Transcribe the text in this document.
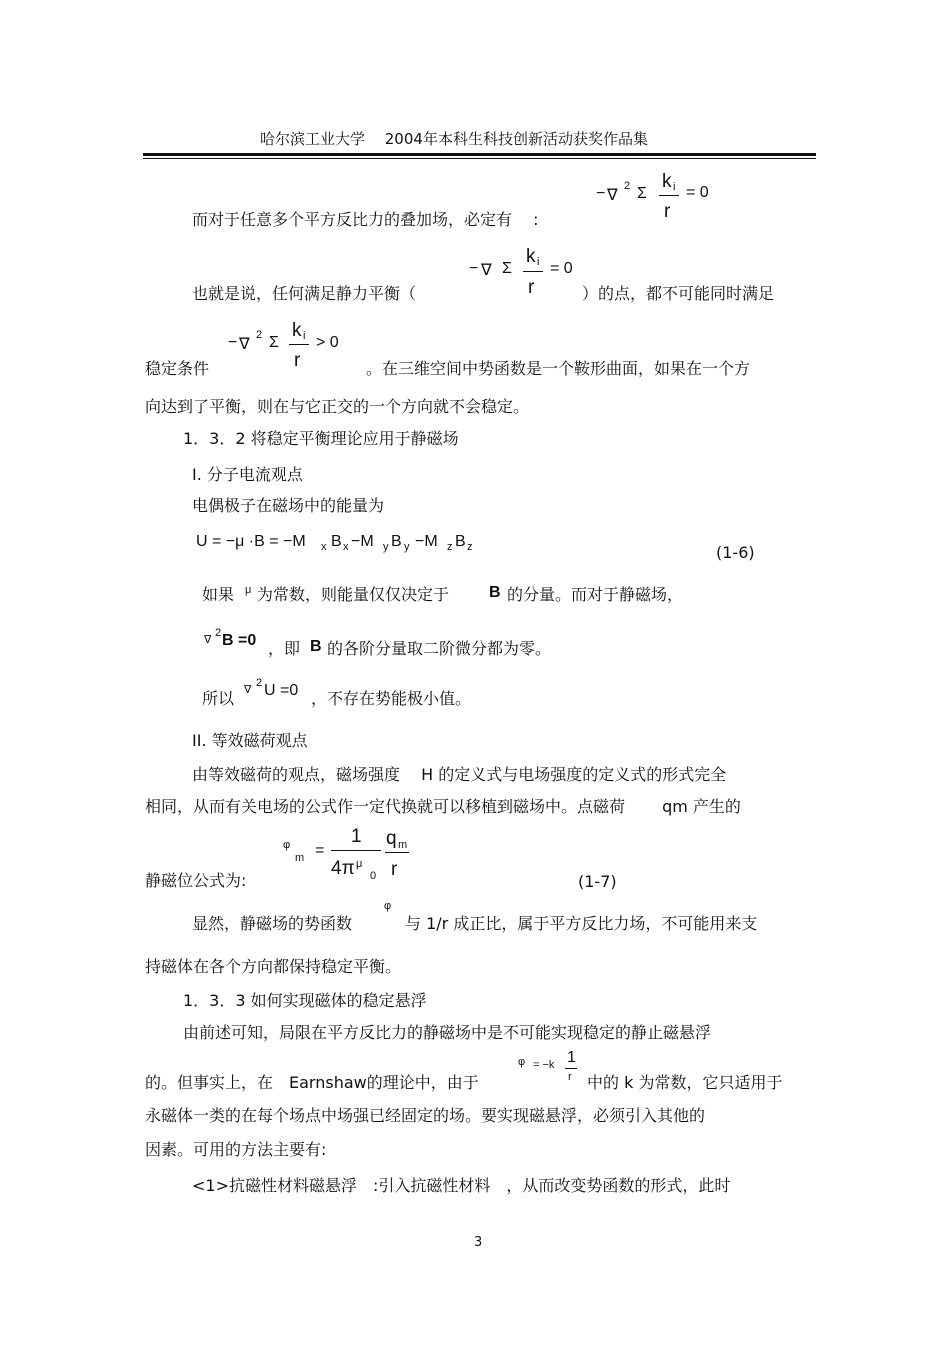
哈尔滨工业大学　 2004年本科生科技创新活动获奖作品集
− ∇
2 Σ
k i
r
= 0
而对于任意多个平方反比力的叠加场，必定有　 :
− ∇ Σ
k i
r
= 0
也就是说，任何满足静力平衡（	）的点，都不可能同时满足
− ∇
2 Σ
k i
r
> 0
稳定条件	。在三维空间中势函数是一个鞍形曲面，如果在一个方
向达到了平衡，则在与它正交的一个方向就不会稳定。
1．3．2 将稳定平衡理论应用于静磁场
I. 分子电流观点
电偶极子在磁场中的能量为
U = −μ ·B = −M x B x −M y B y −M z B z	(1-6)
如果 μ 为常数，则能量仅仅决定于 B 的分量。而对于静磁场，
∇
2 B =0 ，即 B 的各阶分量取二阶微分都为零。
所以 ∇
2 U =0 ，不存在势能极小值。
II. 等效磁荷观点
由等效磁荷的观点，磁场强度　 H 的定义式与电场强度的定义式的形式完全
相同，从而有关电场的公式作一定代换就可以移植到磁场中。点磁荷　　 qm 产生的
φ
m =
1
4π μ
0
q m
r
静磁位公式为:	(1-7)
显然，静磁场的势函数
φ
与 1/r 成正比，属于平方反比力场，不可能用来支
持磁体在各个方向都保持稳定平衡。
1．3．3 如何实现磁体的稳定悬浮
由前述可知，局限在平方反比力的静磁场中是不可能实现稳定的静止磁悬浮
的。但事实上，在　Earnshaw的理论中，由于
φ = −k 1
r 中的 k 为常数，它只适用于
永磁体一类的在每个场点中场强已经固定的场。要实现磁悬浮，必须引入其他的
因素。可用的方法主要有:
<1>抗磁性材料磁悬浮　:引入抗磁性材料　，从而改变势函数的形式，此时
3
